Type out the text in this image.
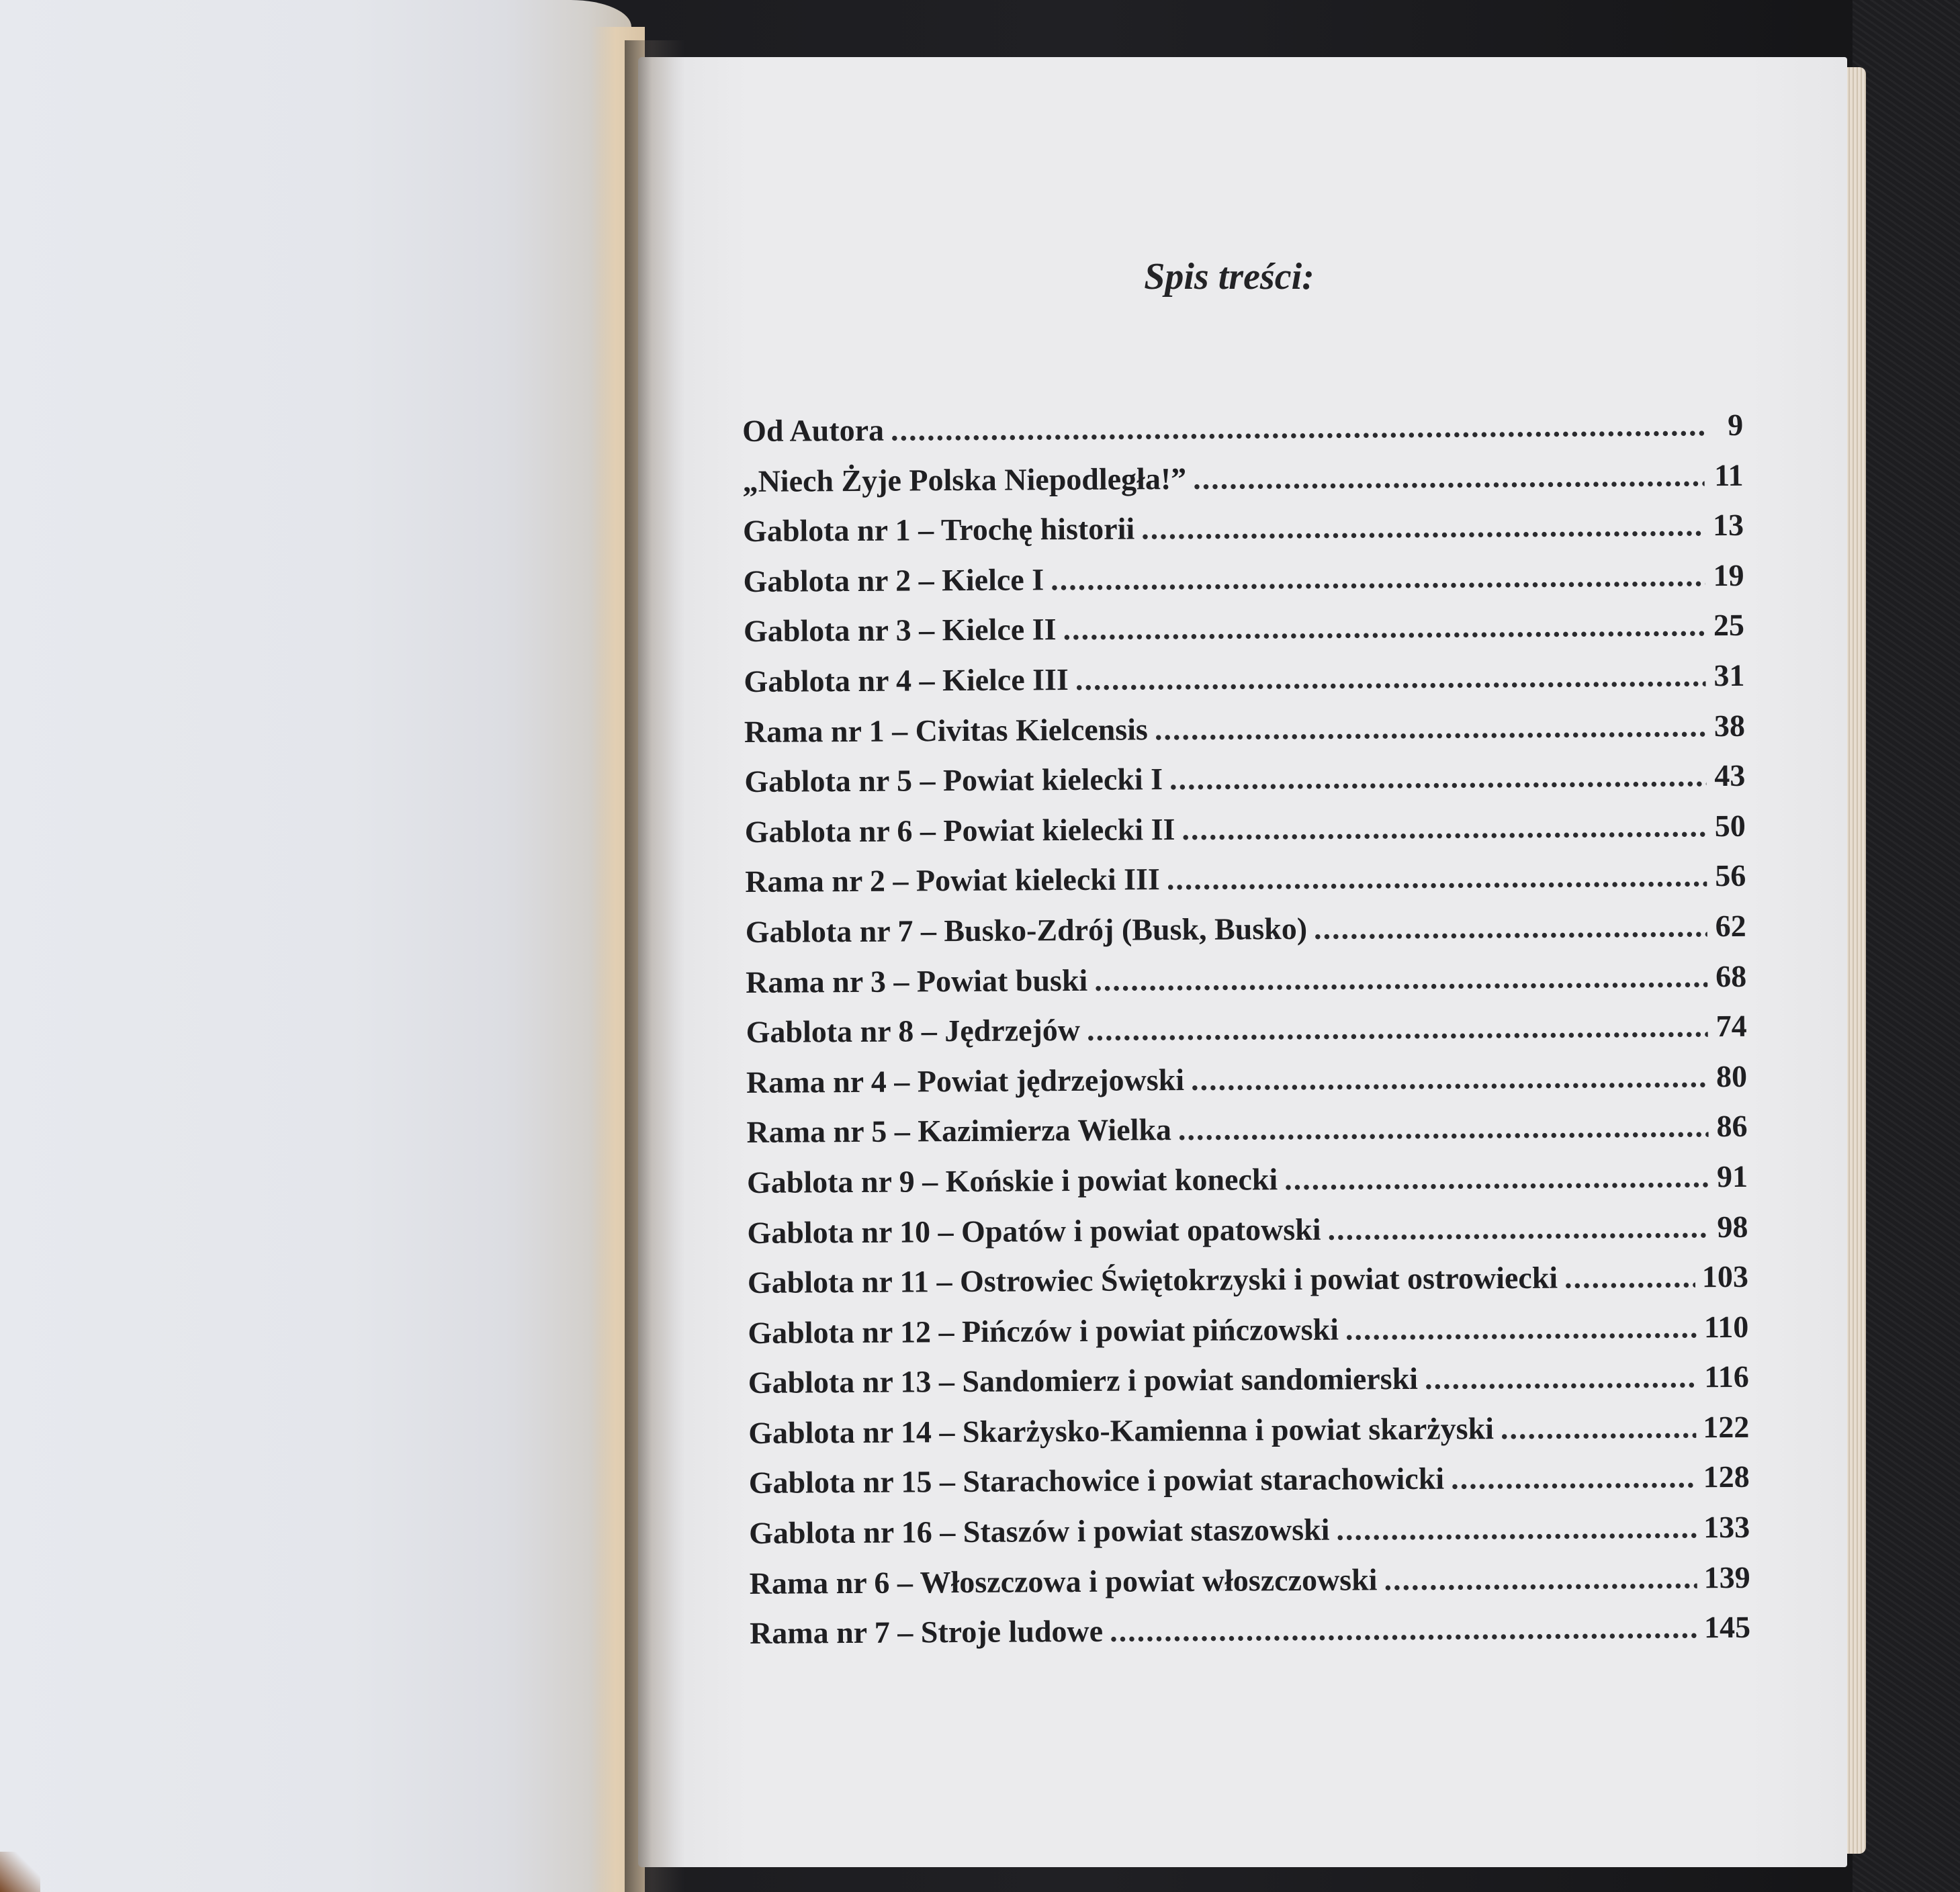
Spis treści:
Od Autora .....	9
„Niech Żyje Polska Niepodległa!” .....	11
Gablota nr 1 – Trochę historii .....	13
Gablota nr 2 – Kielce I .....	19
Gablota nr 3 – Kielce II .....	25
Gablota nr 4 – Kielce III .....	31
Rama nr 1 – Civitas Kielcensis .....	38
Gablota nr 5 – Powiat kielecki I .....	43
Gablota nr 6 – Powiat kielecki II .....	50
Rama nr 2 – Powiat kielecki III .....	56
Gablota nr 7 – Busko-Zdrój (Busk, Busko) .....	62
Rama nr 3 – Powiat buski .....	68
Gablota nr 8 – Jędrzejów .....	74
Rama nr 4 – Powiat jędrzejowski .....	80
Rama nr 5 – Kazimierza Wielka .....	86
Gablota nr 9 – Końskie i powiat konecki .....	91
Gablota nr 10 – Opatów i powiat opatowski .....	98
Gablota nr 11 – Ostrowiec Świętokrzyski i powiat ostrowiecki .....	103
Gablota nr 12 – Pińczów i powiat pińczowski .....	110
Gablota nr 13 – Sandomierz i powiat sandomierski .....	116
Gablota nr 14 – Skarżysko-Kamienna i powiat skarżyski .....	122
Gablota nr 15 – Starachowice i powiat starachowicki .....	128
Gablota nr 16 – Staszów i powiat staszowski .....	133
Rama nr 6 – Włoszczowa i powiat włoszczowski .....	139
Rama nr 7 – Stroje ludowe .....	145
